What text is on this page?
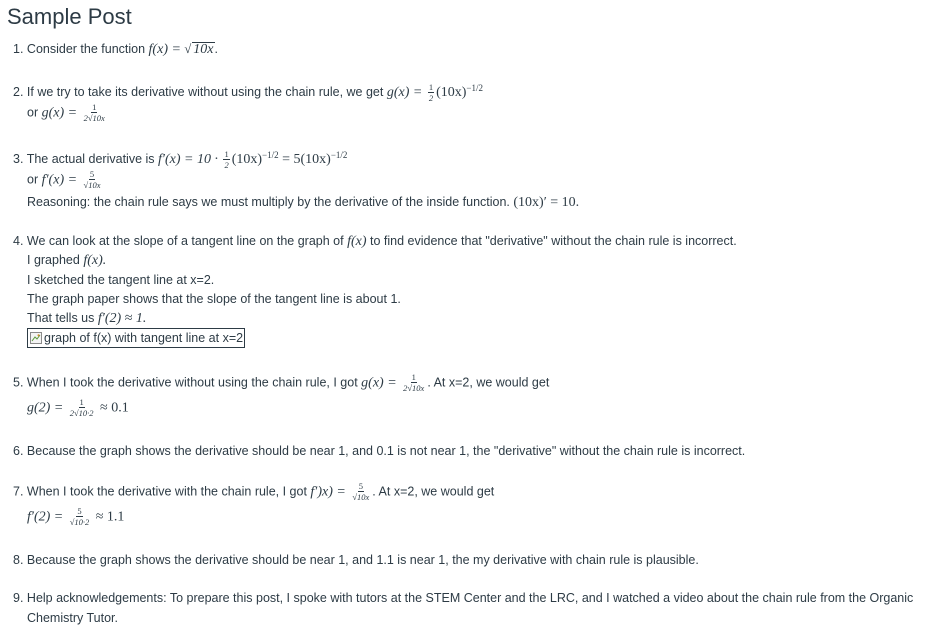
Sample Post
1. Consider the function f(x) = √ 10x.
2. If we try to take its derivative without using the chain rule, we get $g(x) = \frac{1}{2} (10x)^{-1/2}$
or $g(x) = \frac{1}{2√10x}$
3. The actual derivative is $f'(x) = 10 \cdot \frac{1}{2} (10x)^{-1/2} = 5(10x)^{-1/2}$
or $f'(x) = \frac{5}{√10x}$
Reasoning: the chain rule says we must multiply by the derivative of the inside function. (10x)′ = 10.
4. We can look at the slope of a tangent line on the graph of f(x) to find evidence that "derivative" without the chain rule is incorrect.
I graphed f(x).
I sketched the tangent line at x=2.
The graph paper shows that the slope of the tangent line is about 1.
That tells us f′(2) ≈ 1.
graph of f(x) with tangent line at x=2
5. When I took the derivative without using the chain rule, I got $g(x) = \frac{1}{2√10x}$ . At x=2, we would get
$g(2) = \frac{1}{2√10\cdot 2} \approx 0.1$
6. Because the graph shows the derivative should be near 1, and 0.1 is not near 1, the "derivative" without the chain rule is incorrect.
7. When I took the derivative with the chain rule, I got $f')x) = \frac{5}{√10x}$ . At x=2, we would get
$f'(2) = \frac{5}{√10\cdot 2} \approx 1.1$
8. Because the graph shows the derivative should be near 1, and 1.1 is near 1, the my derivative with chain rule is plausible.
9. Help acknowledgements: To prepare this post, I spoke with tutors at the STEM Center and the LRC, and I watched a video about the chain rule from the Organic
Chemistry Tutor.
